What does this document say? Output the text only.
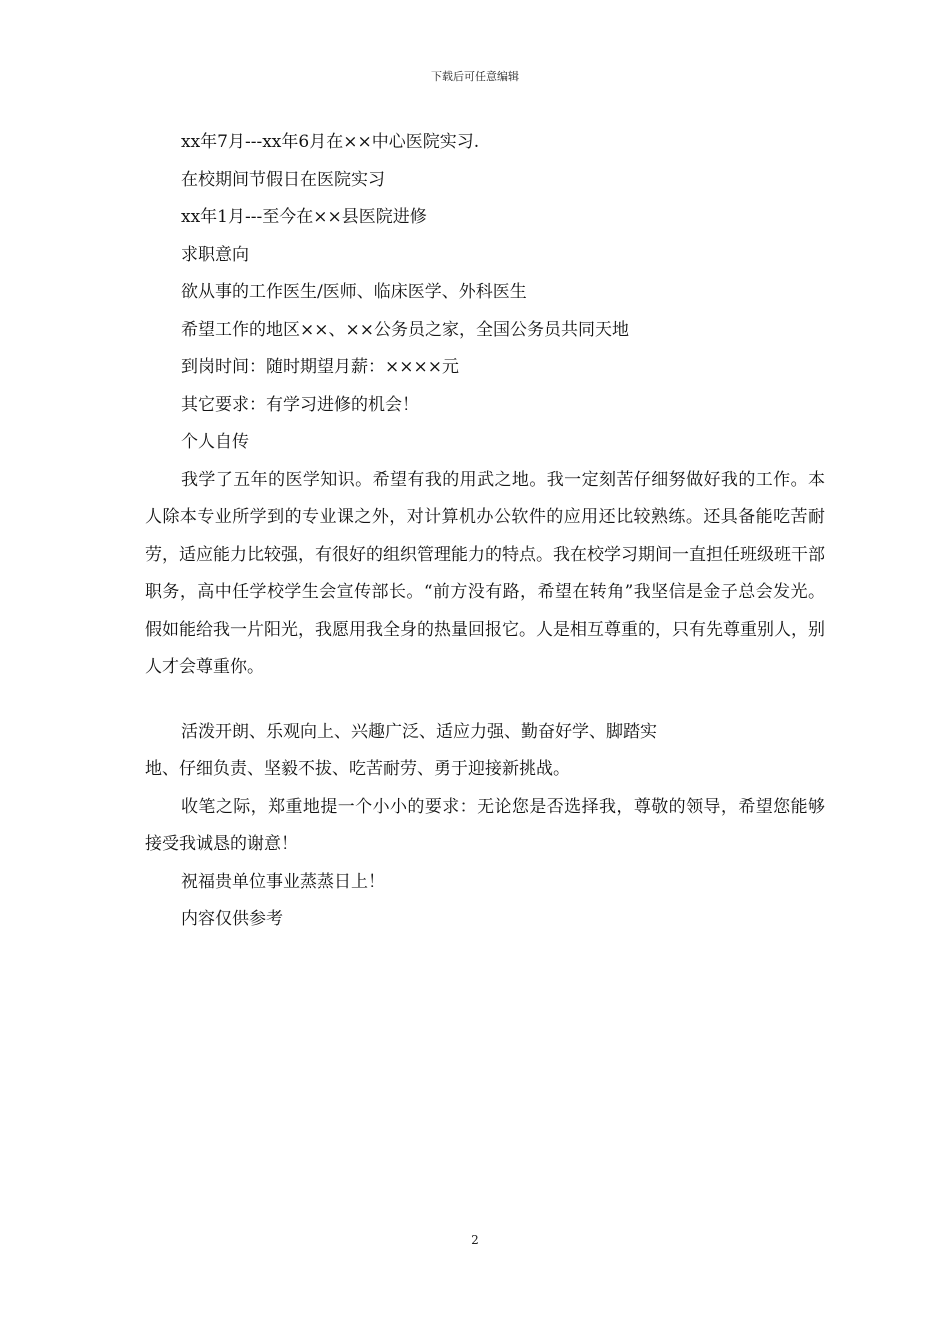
下载后可任意编辑
xx年7月---xx年6月在××中心医院实习.
在校期间节假日在医院实习
xx年1月---至今在××县医院进修
求职意向
欲从事的工作医生/医师、临床医学、外科医生
希望工作的地区××、××公务员之家，全国公务员共同天地
到岗时间：随时期望月薪：××××元
其它要求：有学习进修的机会！
个人自传

我学了五年的医学知识。希望有我的用武之地。我一定刻苦仔细努做好我的工作。本人除本专业所学到的专业课之外，对计算机办公软件的应用还比较熟练。还具备能吃苦耐劳，适应能力比较强，有很好的组织管理能力的特点。我在校学习期间一直担任班级班干部职务，高中任学校学生会宣传部长。“前方没有路，希望在转角”我坚信是金子总会发光。假如能给我一片阳光，我愿用我全身的热量回报它。人是相互尊重的，只有先尊重别人，别人才会尊重你。

活泼开朗、乐观向上、兴趣广泛、适应力强、勤奋好学、脚踏实
地、仔细负责、坚毅不拔、吃苦耐劳、勇于迎接新挑战。

收笔之际，郑重地提一个小小的要求：无论您是否选择我，尊敬的领导，希望您能够接受我诚恳的谢意！

祝福贵单位事业蒸蒸日上！
内容仅供参考
2
